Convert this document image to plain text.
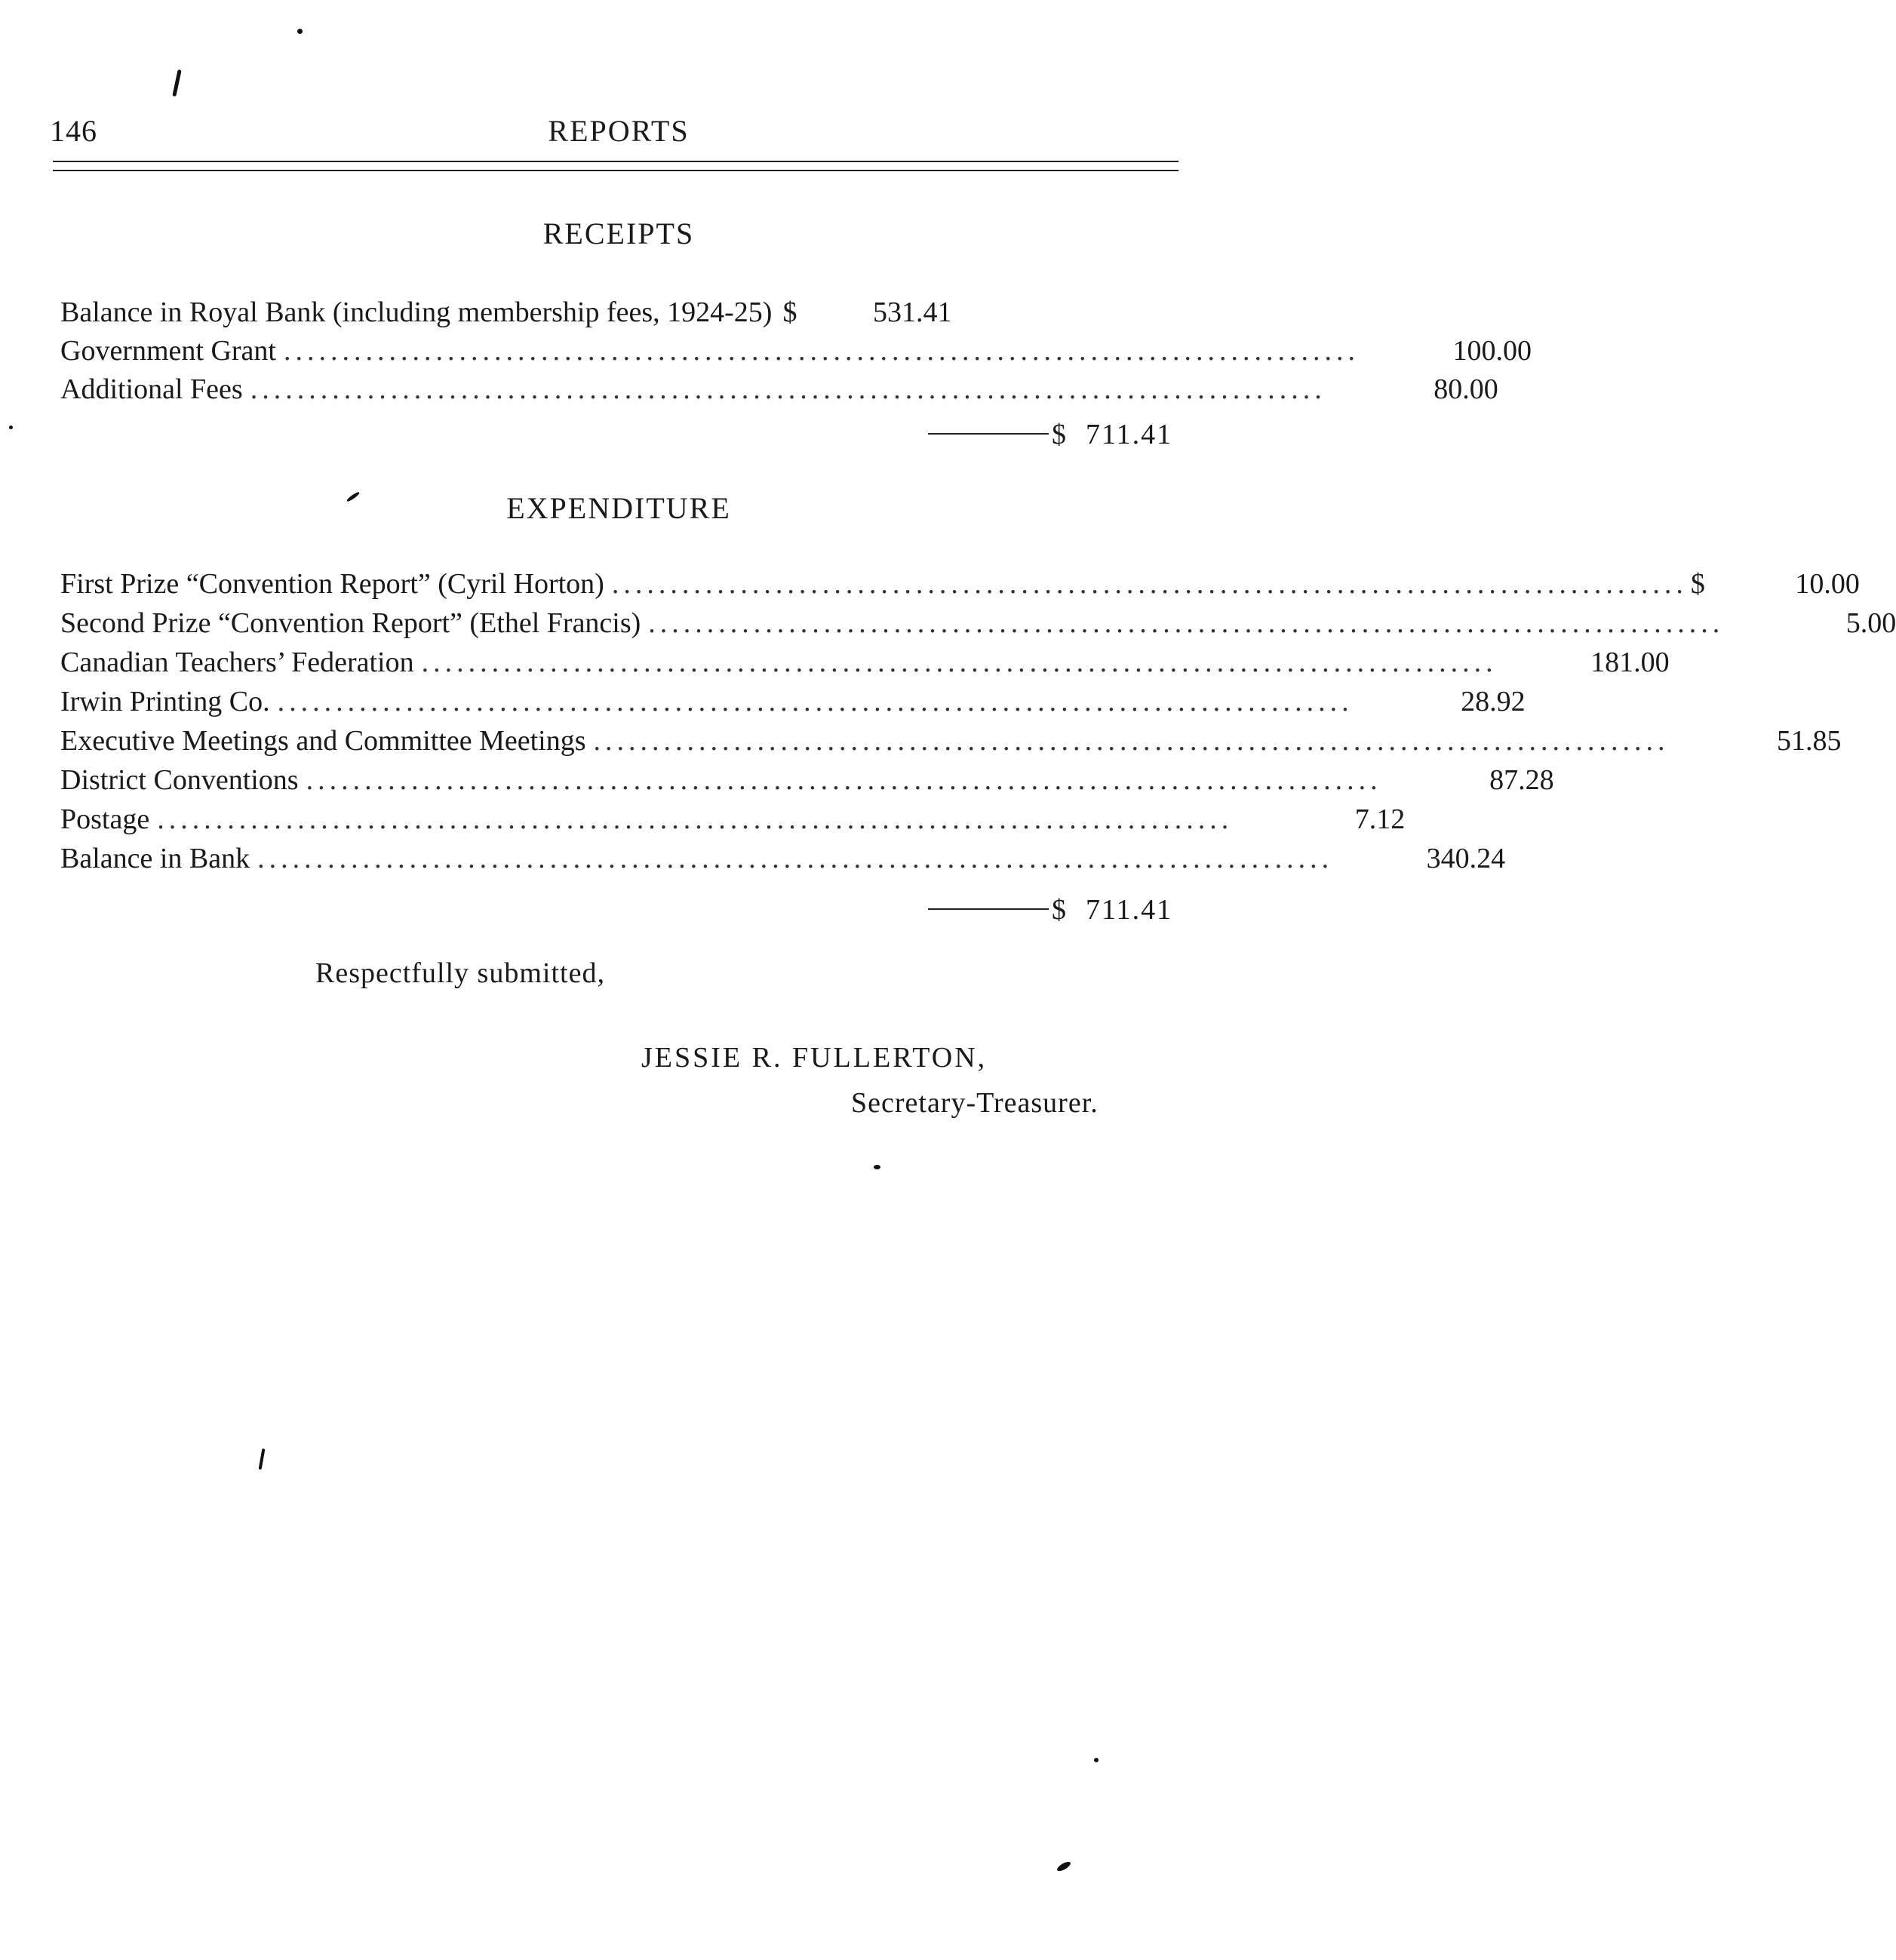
146	REPORTS
RECEIPTS
Balance in Royal Bank (including membership fees, 1924-25) $	531.41
Government Grant ............................................................................................	100.00
Additional Fees ............................................................................................	80.00
$ 711.41
EXPENDITURE
First Prize “Convention Report” (Cyril Horton) ............................................................................................ $	10.00
Second Prize “Convention Report” (Ethel Francis) ............................................................................................	5.00
Canadian Teachers’ Federation ............................................................................................	181.00
Irwin Printing Co. ............................................................................................	28.92
Executive Meetings and Committee Meetings ............................................................................................	51.85
District Conventions ............................................................................................	87.28
Postage ............................................................................................	7.12
Balance in Bank ............................................................................................	340.24
$ 711.41
Respectfully submitted,
JESSIE R. FULLERTON,
Secretary-Treasurer.
